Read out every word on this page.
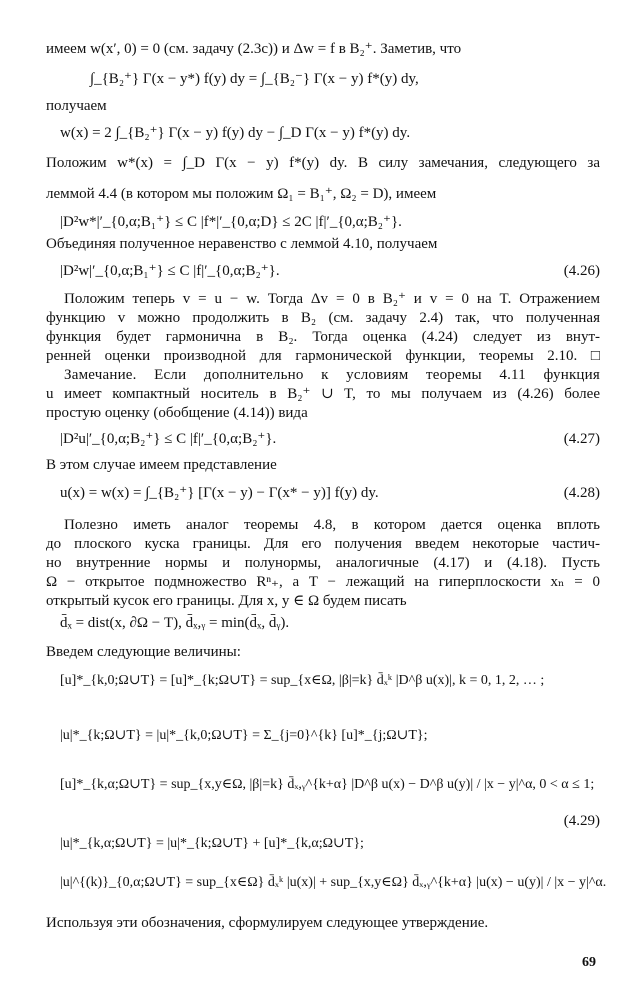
имеем w(x′, 0) = 0 (см. задачу (2.3c)) и Δw = f в B₂⁺. Заметив, что
∫_{B₂⁺} Γ(x − y*) f(y) dy = ∫_{B₂⁻} Γ(x − y) f*(y) dy,
получаем
w(x) = 2 ∫_{B₂⁺} Γ(x − y) f(y) dy − ∫_D Γ(x − y) f*(y) dy.
Положим w*(x) = ∫_D Γ(x − y) f*(y) dy. В силу замечания, следующего за
леммой 4.4 (в котором мы положим Ω₁ = B₁⁺, Ω₂ = D), имеем
|D²w*|′_{0,α;B₁⁺} ≤ C |f*|′_{0,α;D} ≤ 2C |f|′_{0,α;B₂⁺}.
Объединяя полученное неравенство с леммой 4.10, получаем
|D²w|′_{0,α;B₁⁺} ≤ C |f|′_{0,α;B₂⁺}.	(4.26)
Положим теперь v = u − w. Тогда Δv = 0 в B₂⁺ и v = 0 на T. Отражением
функцию v можно продолжить в B₂ (см. задачу 2.4) так, что полученная
функция будет гармонична в B₂. Тогда оценка (4.24) следует из внут-
ренней оценки производной для гармонической функции, теоремы 2.10. □
Замечание. Если дополнительно к условиям теоремы 4.11 функция
u имеет компактный носитель в B₂⁺ ∪ T, то мы получаем из (4.26) более
простую оценку (обобщение (4.14)) вида
|D²u|′_{0,α;B₂⁺} ≤ C |f|′_{0,α;B₂⁺}.	(4.27)
В этом случае имеем представление
u(x) = w(x) = ∫_{B₂⁺} [Γ(x − y) − Γ(x* − y)] f(y) dy.	(4.28)
Полезно иметь аналог теоремы 4.8, в котором дается оценка вплоть
до плоского куска границы. Для его получения введем некоторые частич-
но внутренние нормы и полунормы, аналогичные (4.17) и (4.18). Пусть
Ω − открытое подмножество Rⁿ₊, а T − лежащий на гиперплоскости xₙ = 0
открытый кусок его границы. Для x, y ∈ Ω будем писать
d̄ₓ = dist(x, ∂Ω − T), d̄ₓ,ᵧ = min(d̄ₓ, d̄ᵧ).
Введем следующие величины:
[u]*_{k,0;Ω∪T} = [u]*_{k;Ω∪T} = sup_{x∈Ω, |β|=k} d̄ₓᵏ |D^β u(x)|, k = 0, 1, 2, … ;
|u|*_{k;Ω∪T} = |u|*_{k,0;Ω∪T} = Σ_{j=0}^{k} [u]*_{j;Ω∪T};
[u]*_{k,α;Ω∪T} = sup_{x,y∈Ω, |β|=k} d̄ₓ,ᵧ^{k+α} |D^β u(x) − D^β u(y)| / |x − y|^α, 0 < α ≤ 1;
(4.29)
|u|*_{k,α;Ω∪T} = |u|*_{k;Ω∪T} + [u]*_{k,α;Ω∪T};
|u|^{(k)}_{0,α;Ω∪T} = sup_{x∈Ω} d̄ₓᵏ |u(x)| + sup_{x,y∈Ω} d̄ₓ,ᵧ^{k+α} |u(x) − u(y)| / |x − y|^α.
Используя эти обозначения, сформулируем следующее утверждение.
69
